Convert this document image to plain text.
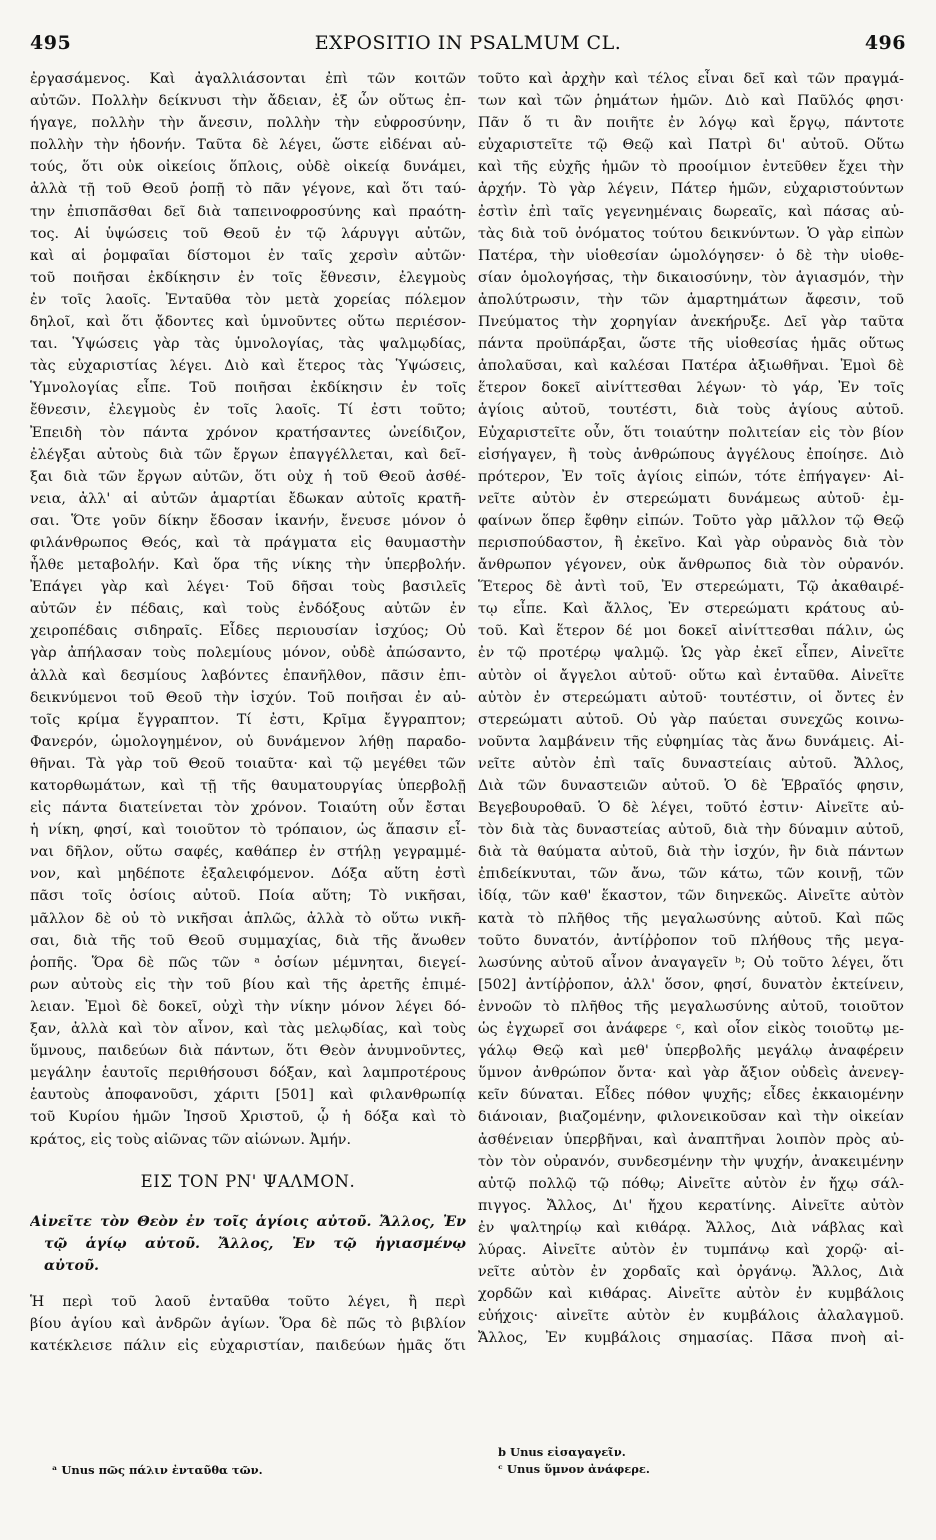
495	EXPOSITIO IN PSALMUM CL.	496
ἐργασάμενος. Καὶ ἀγαλλιάσονται ἐπὶ τῶν κοιτῶν
αὐτῶν. Πολλὴν δείκνυσι τὴν ἄδειαν, ἐξ ὧν οὕτως ἐπ-
ήγαγε, πολλὴν τὴν ἄνεσιν, πολλὴν τὴν εὐφροσύνην,
πολλὴν τὴν ἡδονήν. Ταῦτα δὲ λέγει, ὥστε εἰδέναι αὐ-
τούς, ὅτι οὐκ οἰκείοις ὅπλοις, οὐδὲ οἰκείᾳ δυνάμει,
ἀλλὰ τῇ τοῦ Θεοῦ ῥοπῇ τὸ πᾶν γέγονε, καὶ ὅτι ταύ-
την ἐπισπᾶσθαι δεῖ διὰ ταπεινοφροσύνης καὶ πραότη-
τος. Αἱ ὑψώσεις τοῦ Θεοῦ ἐν τῷ λάρυγγι αὐτῶν,
καὶ αἱ ῥομφαῖαι δίστομοι ἐν ταῖς χερσὶν αὐτῶν·
τοῦ ποιῆσαι ἐκδίκησιν ἐν τοῖς ἔθνεσιν, ἐλεγμοὺς
ἐν τοῖς λαοῖς. Ἐνταῦθα τὸν μετὰ χορείας πόλεμον
δηλοῖ, καὶ ὅτι ᾄδοντες καὶ ὑμνοῦντες οὕτω περιέσον-
ται. Ὑψώσεις γὰρ τὰς ὑμνολογίας, τὰς ψαλμῳδίας,
τὰς εὐχαριστίας λέγει. Διὸ καὶ ἕτερος τὰς Ὑψώσεις,
Ὑμνολογίας εἶπε. Τοῦ ποιῆσαι ἐκδίκησιν ἐν τοῖς
ἔθνεσιν, ἐλεγμοὺς ἐν τοῖς λαοῖς. Τί ἐστι τοῦτο;
Ἐπειδὴ τὸν πάντα χρόνον κρατήσαντες ὠνείδιζον,
ἐλέγξαι αὐτοὺς διὰ τῶν ἔργων ἐπαγγέλλεται, καὶ δεῖ-
ξαι διὰ τῶν ἔργων αὐτῶν, ὅτι οὐχ ἡ τοῦ Θεοῦ ἀσθέ-
νεια, ἀλλ' αἱ αὐτῶν ἁμαρτίαι ἔδωκαν αὐτοῖς κρατῆ-
σαι. Ὅτε γοῦν δίκην ἔδοσαν ἱκανήν, ἔνευσε μόνον ὁ
φιλάνθρωπος Θεός, καὶ τὰ πράγματα εἰς θαυμαστὴν
ἦλθε μεταβολήν. Καὶ ὅρα τῆς νίκης τὴν ὑπερβολήν.
Ἐπάγει γὰρ καὶ λέγει· Τοῦ δῆσαι τοὺς βασιλεῖς
αὐτῶν ἐν πέδαις, καὶ τοὺς ἐνδόξους αὐτῶν ἐν
χειροπέδαις σιδηραῖς. Εἶδες περιουσίαν ἰσχύος; Οὐ
γὰρ ἀπήλασαν τοὺς πολεμίους μόνον, οὐδὲ ἀπώσαντο,
ἀλλὰ καὶ δεσμίους λαβόντες ἐπανῆλθον, πᾶσιν ἐπι-
δεικνύμενοι τοῦ Θεοῦ τὴν ἰσχύν. Τοῦ ποιῆσαι ἐν αὐ-
τοῖς κρίμα ἔγγραπτον. Τί ἐστι, Κρῖμα ἔγγραπτον;
Φανερόν, ὡμολογημένον, οὐ δυνάμενον λήθῃ παραδο-
θῆναι. Τὰ γὰρ τοῦ Θεοῦ τοιαῦτα· καὶ τῷ μεγέθει τῶν
κατορθωμάτων, καὶ τῇ τῆς θαυματουργίας ὑπερβολῇ
εἰς πάντα διατείνεται τὸν χρόνον. Τοιαύτη οὖν ἔσται
ἡ νίκη, φησί, καὶ τοιοῦτον τὸ τρόπαιον, ὡς ἅπασιν εἶ-
ναι δῆλον, οὕτω σαφές, καθάπερ ἐν στήλῃ γεγραμμέ-
νον, καὶ μηδέποτε ἐξαλειφόμενον. Δόξα αὕτη ἐστὶ
πᾶσι τοῖς ὁσίοις αὐτοῦ. Ποία αὕτη; Τὸ νικῆσαι,
μᾶλλον δὲ οὐ τὸ νικῆσαι ἁπλῶς, ἀλλὰ τὸ οὕτω νικῆ-
σαι, διὰ τῆς τοῦ Θεοῦ συμμαχίας, διὰ τῆς ἄνωθεν
ῥοπῆς. Ὅρα δὲ πῶς τῶν ᵃ ὁσίων μέμνηται, διεγεί-
ρων αὐτοὺς εἰς τὴν τοῦ βίου καὶ τῆς ἀρετῆς ἐπιμέ-
λειαν. Ἐμοὶ δὲ δοκεῖ, οὐχὶ τὴν νίκην μόνον λέγει δό-
ξαν, ἀλλὰ καὶ τὸν αἶνον, καὶ τὰς μελῳδίας, καὶ τοὺς
ὕμνους, παιδεύων διὰ πάντων, ὅτι Θεὸν ἀνυμνοῦντες,
μεγάλην ἑαυτοῖς περιθήσουσι δόξαν, καὶ λαμπροτέρους
ἑαυτοὺς ἀποφανοῦσι, χάριτι [501] καὶ φιλανθρωπίᾳ
τοῦ Κυρίου ἡμῶν Ἰησοῦ Χριστοῦ, ᾧ ἡ δόξα καὶ τὸ
κράτος, εἰς τοὺς αἰῶνας τῶν αἰώνων. Ἀμήν.
ΕΙΣ ΤΟΝ ΡΝ' ΨΑΛΜΟΝ.
Αἰνεῖτε τὸν Θεὸν ἐν τοῖς ἁγίοις αὐτοῦ. Ἄλλος, Ἐν
τῷ ἁγίῳ αὐτοῦ. Ἄλλος, Ἐν τῷ ἡγιασμένῳ
αὐτοῦ.
Ἡ περὶ τοῦ λαοῦ ἐνταῦθα τοῦτο λέγει, ἢ περὶ
βίου ἁγίου καὶ ἀνδρῶν ἁγίων. Ὅρα δὲ πῶς τὸ βιβλίον
κατέκλεισε πάλιν εἰς εὐχαριστίαν, παιδεύων ἡμᾶς ὅτι
τοῦτο καὶ ἀρχὴν καὶ τέλος εἶναι δεῖ καὶ τῶν πραγμά-
των καὶ τῶν ῥημάτων ἡμῶν. Διὸ καὶ Παῦλός φησι·
Πᾶν ὅ τι ἂν ποιῆτε ἐν λόγῳ καὶ ἔργῳ, πάντοτε
εὐχαριστεῖτε τῷ Θεῷ καὶ Πατρὶ δι' αὐτοῦ. Οὕτω
καὶ τῆς εὐχῆς ἡμῶν τὸ προοίμιον ἐντεῦθεν ἔχει τὴν
ἀρχήν. Τὸ γὰρ λέγειν, Πάτερ ἡμῶν, εὐχαριστούντων
ἐστὶν ἐπὶ ταῖς γεγενημέναις δωρεαῖς, καὶ πάσας αὐ-
τὰς διὰ τοῦ ὀνόματος τούτου δεικνύντων. Ὁ γὰρ εἰπὼν
Πατέρα, τὴν υἱοθεσίαν ὡμολόγησεν· ὁ δὲ τὴν υἱοθε-
σίαν ὁμολογήσας, τὴν δικαιοσύνην, τὸν ἁγιασμόν, τὴν
ἀπολύτρωσιν, τὴν τῶν ἁμαρτημάτων ἄφεσιν, τοῦ
Πνεύματος τὴν χορηγίαν ἀνεκήρυξε. Δεῖ γὰρ ταῦτα
πάντα προϋπάρξαι, ὥστε τῆς υἱοθεσίας ἡμᾶς οὕτως
ἀπολαῦσαι, καὶ καλέσαι Πατέρα ἀξιωθῆναι. Ἐμοὶ δὲ
ἕτερον δοκεῖ αἰνίττεσθαι λέγων· τὸ γάρ, Ἐν τοῖς
ἁγίοις αὐτοῦ, τουτέστι, διὰ τοὺς ἁγίους αὐτοῦ.
Εὐχαριστεῖτε οὖν, ὅτι τοιαύτην πολιτείαν εἰς τὸν βίον
εἰσήγαγεν, ἢ τοὺς ἀνθρώπους ἀγγέλους ἐποίησε. Διὸ
πρότερον, Ἐν τοῖς ἁγίοις εἰπών, τότε ἐπήγαγεν· Αἰ-
νεῖτε αὐτὸν ἐν στερεώματι δυνάμεως αὐτοῦ· ἐμ-
φαίνων ὅπερ ἔφθην εἰπών. Τοῦτο γὰρ μᾶλλον τῷ Θεῷ
περισπούδαστον, ἢ ἐκεῖνο. Καὶ γὰρ οὐρανὸς διὰ τὸν
ἄνθρωπον γέγονεν, οὐκ ἄνθρωπος διὰ τὸν οὐρανόν.
Ἕτερος δὲ ἀντὶ τοῦ, Ἐν στερεώματι, Τῷ ἀκαθαιρέ-
τῳ εἶπε. Καὶ ἄλλος, Ἐν στερεώματι κράτους αὐ-
τοῦ. Καὶ ἕτερον δέ μοι δοκεῖ αἰνίττεσθαι πάλιν, ὡς
ἐν τῷ προτέρῳ ψαλμῷ. Ὡς γὰρ ἐκεῖ εἶπεν, Αἰνεῖτε
αὐτὸν οἱ ἄγγελοι αὐτοῦ· οὕτω καὶ ἐνταῦθα. Αἰνεῖτε
αὐτὸν ἐν στερεώματι αὐτοῦ· τουτέστιν, οἱ ὄντες ἐν
στερεώματι αὐτοῦ. Οὐ γὰρ παύεται συνεχῶς κοινω-
νοῦντα λαμβάνειν τῆς εὐφημίας τὰς ἄνω δυνάμεις. Αἰ-
νεῖτε αὐτὸν ἐπὶ ταῖς δυναστείαις αὐτοῦ. Ἄλλος,
Διὰ τῶν δυναστειῶν αὐτοῦ. Ὁ δὲ Ἑβραῖός φησιν,
Βεγεβουροθαῦ. Ὁ δὲ λέγει, τοῦτό ἐστιν· Αἰνεῖτε αὐ-
τὸν διὰ τὰς δυναστείας αὐτοῦ, διὰ τὴν δύναμιν αὐτοῦ,
διὰ τὰ θαύματα αὐτοῦ, διὰ τὴν ἰσχύν, ἣν διὰ πάντων
ἐπιδείκνυται, τῶν ἄνω, τῶν κάτω, τῶν κοινῇ, τῶν
ἰδίᾳ, τῶν καθ' ἕκαστον, τῶν διηνεκῶς. Αἰνεῖτε αὐτὸν
κατὰ τὸ πλῆθος τῆς μεγαλωσύνης αὐτοῦ. Καὶ πῶς
τοῦτο δυνατόν, ἀντίῤῥοπον τοῦ πλήθους τῆς μεγα-
λωσύνης αὐτοῦ αἶνον ἀναγαγεῖν ᵇ; Οὐ τοῦτο λέγει, ὅτι
[502] ἀντίῤῥοπον, ἀλλ' ὅσον, φησί, δυνατὸν ἐκτείνειν,
ἐννοῶν τὸ πλῆθος τῆς μεγαλωσύνης αὐτοῦ, τοιοῦτον
ὡς ἐγχωρεῖ σοι ἀνάφερε ᶜ, καὶ οἷον εἰκὸς τοιοῦτῳ με-
γάλῳ Θεῷ καὶ μεθ' ὑπερβολῆς μεγάλῳ ἀναφέρειν
ὕμνον ἀνθρώπον ὄντα· καὶ γὰρ ἄξιον οὐδεὶς ἀνενεγ-
κεῖν δύναται. Εἶδες πόθον ψυχῆς; εἶδες ἐκκαιομένην
διάνοιαν, βιαζομένην, φιλονεικοῦσαν καὶ τὴν οἰκείαν
ἀσθένειαν ὑπερβῆναι, καὶ ἀναπτῆναι λοιπὸν πρὸς αὐ-
τὸν τὸν οὐρανόν, συνδεσμένην τὴν ψυχήν, ἀνακειμένην
αὐτῷ πολλῷ τῷ πόθῳ; Αἰνεῖτε αὐτὸν ἐν ἤχῳ σάλ-
πιγγος. Ἄλλος, Δι' ἤχου κερατίνης. Αἰνεῖτε αὐτὸν
ἐν ψαλτηρίῳ καὶ κιθάρᾳ. Ἄλλος, Διὰ νάβλας καὶ
λύρας. Αἰνεῖτε αὐτὸν ἐν τυμπάνῳ καὶ χορῷ· αἰ-
νεῖτε αὐτὸν ἐν χορδαῖς καὶ ὀργάνῳ. Ἄλλος, Διὰ
χορδῶν καὶ κιθάρας. Αἰνεῖτε αὐτὸν ἐν κυμβάλοις
εὐήχοις· αἰνεῖτε αὐτὸν ἐν κυμβάλοις ἀλαλαγμοῦ.
Ἄλλος, Ἐν κυμβάλοις σημασίας. Πᾶσα πνοὴ αἰ-
ᵃ Unus πῶς πάλιν ἐνταῦθα τῶν.
b Unus εἰσαγαγεῖν.
ᶜ Unus ὕμνον ἀνάφερε.
